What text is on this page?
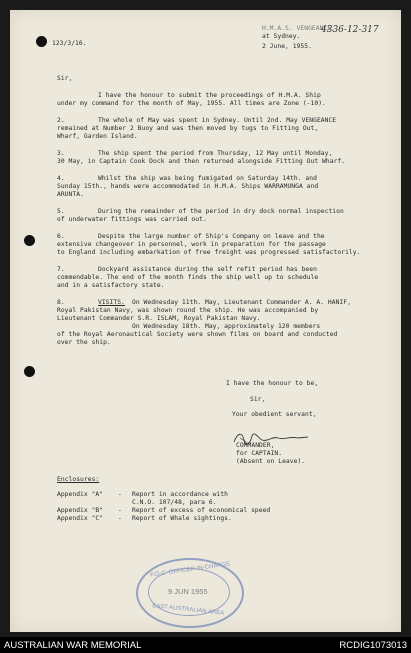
123/3/16.
H.M.A.S. VENGEANCE,
at Sydney.
4336-12-317
2 June, 1955.
Sir,
I have the honour to submit the proceedings of H.M.A. Ship
under my command for the month of May, 1955. All times are Zone (-10).
2.	The whole of May was spent in Sydney. Until 2nd. May VENGEANCE
remained at Number 2 Buoy and was then moved by tugs to Fitting Out,
Wharf, Garden Island.
3.	The ship spent the period from Thursday, 12 May until Monday,
30 May, in Captain Cook Dock and then returned alongside Fitting Out Wharf.
4.	Whilst the ship was being fumigated on Saturday 14th. and
Sunday 15th., hands were accommodated in H.M.A. Ships WARRAMUNGA and
ARUNTA.
5.	During the remainder of the period in dry dock normal inspection
of underwater fittings was carried out.
6.	Despite the large number of Ship's Company on leave and the
extensive changeover in personnel, work in preparation for the passage
to England including embarkation of free freight was progressed satisfactorily.
7.	Dockyard assistance during the self refit period has been
commendable. The end of the month finds the ship well up to schedule
and in a satisfactory state.
8.	VISITS. On Wednesday 11th. May, Lieutenant Commander A. A. HANIF,
Royal Pakistan Navy, was shown round the ship. He was accompanied by
Lieutenant Commander S.R. ISLAM, Royal Pakistan Navy.
On Wednesday 18th. May, approximately 120 members
of the Royal Aeronautical Society were shown films on board and conducted
over the ship.
I have the honour to be,
Sir,
Your obedient servant,
COMMANDER,
for CAPTAIN.
(Absent on Leave).
Enclosures:
Appendix "A" - Report in accordance with
C.N.O. 107/48, para 6.
Appendix "B" - Report of excess of economical speed
Appendix "C" - Report of Whale sightings.
F.O.C. OFFICER-IN-CHARGE
9 JUN 1955
EAST AUSTRALIAN AREA
AUSTRALIAN WAR MEMORIAL	RCDIG1073013
